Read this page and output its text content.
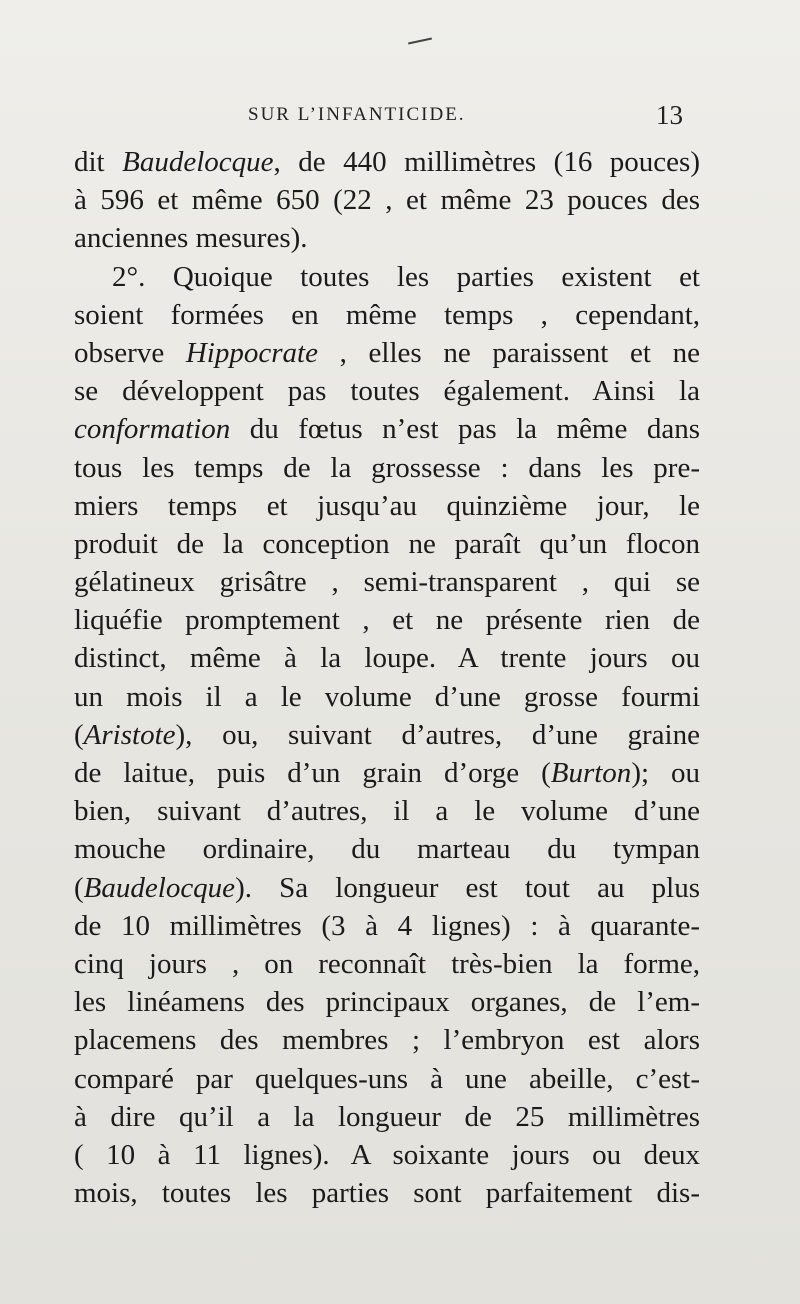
SUR L’INFANTICIDE.	13
dit Baudelocque, de 440 millimètres (16 pouces)
à 596 et même 650 (22 , et même 23 pouces des
anciennes mesures).
2°. Quoique toutes les parties existent et
soient formées en même temps , cependant,
observe Hippocrate , elles ne paraissent et ne
se développent pas toutes également. Ainsi la
conformation du fœtus n’est pas la même dans
tous les temps de la grossesse : dans les pre-
miers temps et jusqu’au quinzième jour, le
produit de la conception ne paraît qu’un flocon
gélatineux grisâtre , semi-transparent , qui se
liquéfie promptement , et ne présente rien de
distinct, même à la loupe. A trente jours ou
un mois il a le volume d’une grosse fourmi
(Aristote), ou, suivant d’autres, d’une graine
de laitue, puis d’un grain d’orge (Burton); ou
bien, suivant d’autres, il a le volume d’une
mouche ordinaire, du marteau du tympan
(Baudelocque). Sa longueur est tout au plus
de 10 millimètres (3 à 4 lignes) : à quarante-
cinq jours , on reconnaît très-bien la forme,
les linéamens des principaux organes, de l’em-
placemens des membres ; l’embryon est alors
comparé par quelques-uns à une abeille, c’est-
à dire qu’il a la longueur de 25 millimètres
( 10 à 11 lignes). A soixante jours ou deux
mois, toutes les parties sont parfaitement dis-
